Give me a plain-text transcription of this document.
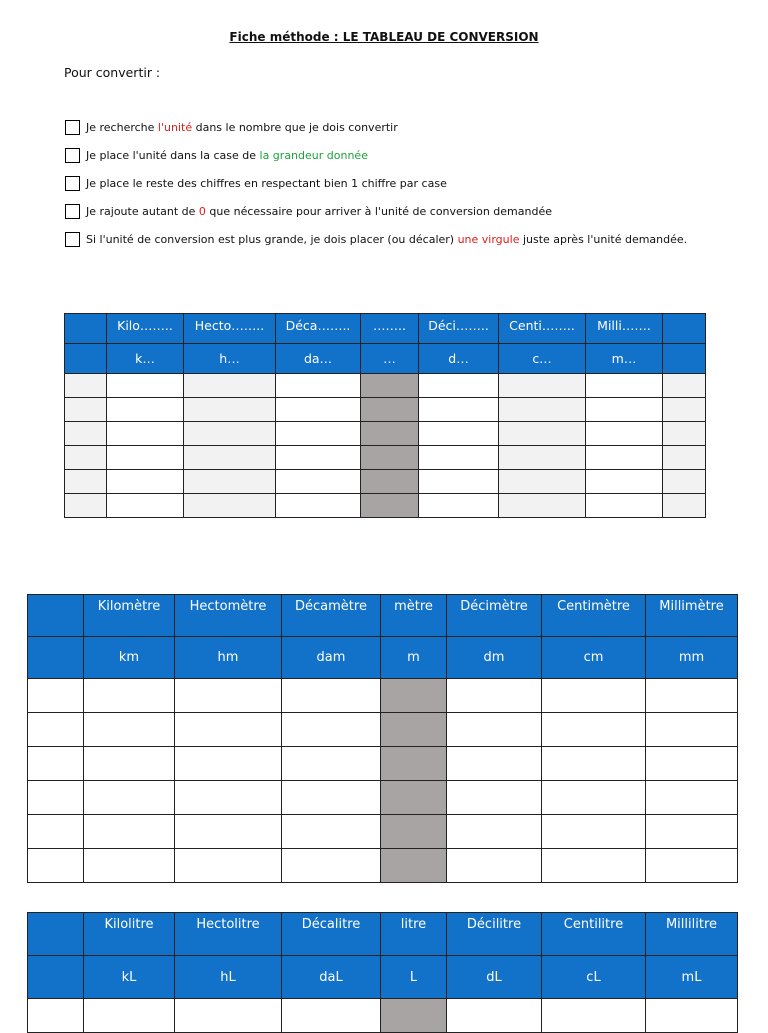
Fiche méthode : LE TABLEAU DE CONVERSION
Pour convertir :
Je recherche l'unité dans le nombre que je dois convertir
Je place l'unité dans la case de la grandeur donnée
Je place le reste des chiffres en respectant bien 1 chiffre par case
Je rajoute autant de 0 que nécessaire pour arriver à l'unité de conversion demandée
Si l'unité de conversion est plus grande, je dois placer (ou décaler) une virgule juste après l'unité demandée.
	Kilo……..	Hecto……..	Déca……..	……..	Déci……..	Centi……..	Milli…….	
	k…	h…	da…	…	d…	c…	m…	

	Kilomètre	Hectomètre	Décamètre	mètre	Décimètre	Centimètre	Millimètre
	km	hm	dam	m	dm	cm	mm

	Kilolitre	Hectolitre	Décalitre	litre	Décilitre	Centilitre	Millilitre
	kL	hL	daL	L	dL	cL	mL
